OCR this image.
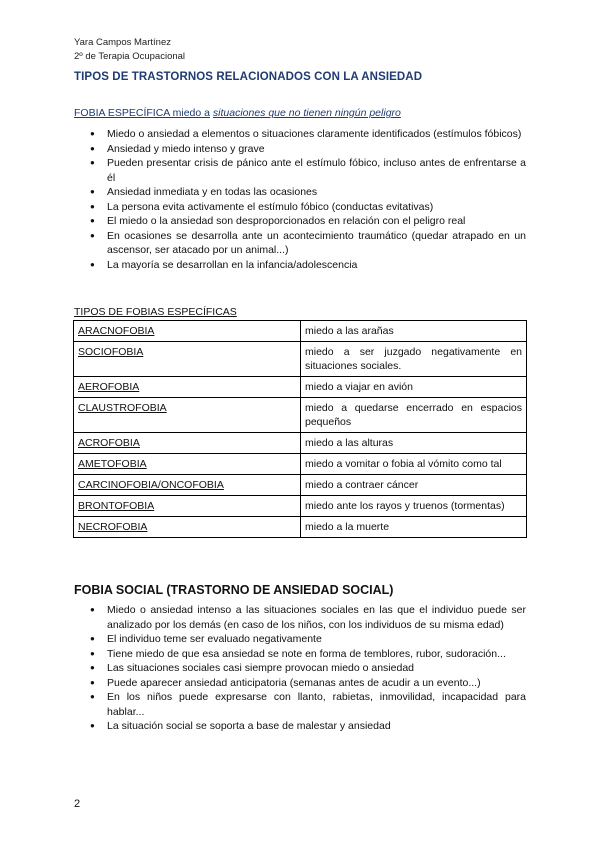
Yara Campos Martínez
2º de Terapia Ocupacional
TIPOS DE TRASTORNOS RELACIONADOS CON LA ANSIEDAD
FOBIA ESPECÍFICA miedo a situaciones que no tienen ningún peligro
● Miedo o ansiedad a elementos o situaciones claramente identificados (estímulos fóbicos)
● Ansiedad y miedo intenso y grave
● Pueden presentar crisis de pánico ante el estímulo fóbico, incluso antes de enfrentarse a él
● Ansiedad inmediata y en todas las ocasiones
● La persona evita activamente el estímulo fóbico (conductas evitativas)
● El miedo o la ansiedad son desproporcionados en relación con el peligro real
● En ocasiones se desarrolla ante un acontecimiento traumático (quedar atrapado en un ascensor, ser atacado por un animal...)
● La mayoría se desarrollan en la infancia/adolescencia
TIPOS DE FOBIAS ESPECÍFICAS
ARACNOFOBIA	miedo a las arañas
SOCIOFOBIA	miedo a ser juzgado negativamente en situaciones sociales.
AEROFOBIA	miedo a viajar en avión
CLAUSTROFOBIA	miedo a quedarse encerrado en espacios pequeños
ACROFOBIA	miedo a las alturas
AMETOFOBIA	miedo a vomitar o fobia al vómito como tal
CARCINOFOBIA/ONCOFOBIA	miedo a contraer cáncer
BRONTOFOBIA	miedo ante los rayos y truenos (tormentas)
NECROFOBIA	miedo a la muerte
FOBIA SOCIAL (TRASTORNO DE ANSIEDAD SOCIAL)
● Miedo o ansiedad intenso a las situaciones sociales en las que el individuo puede ser analizado por los demás (en caso de los niños, con los individuos de su misma edad)
● El individuo teme ser evaluado negativamente
● Tiene miedo de que esa ansiedad se note en forma de temblores, rubor, sudoración...
● Las situaciones sociales casi siempre provocan miedo o ansiedad
● Puede aparecer ansiedad anticipatoria (semanas antes de acudir a un evento...)
● En los niños puede expresarse con llanto, rabietas, inmovilidad, incapacidad para hablar...
● La situación social se soporta a base de malestar y ansiedad
2
